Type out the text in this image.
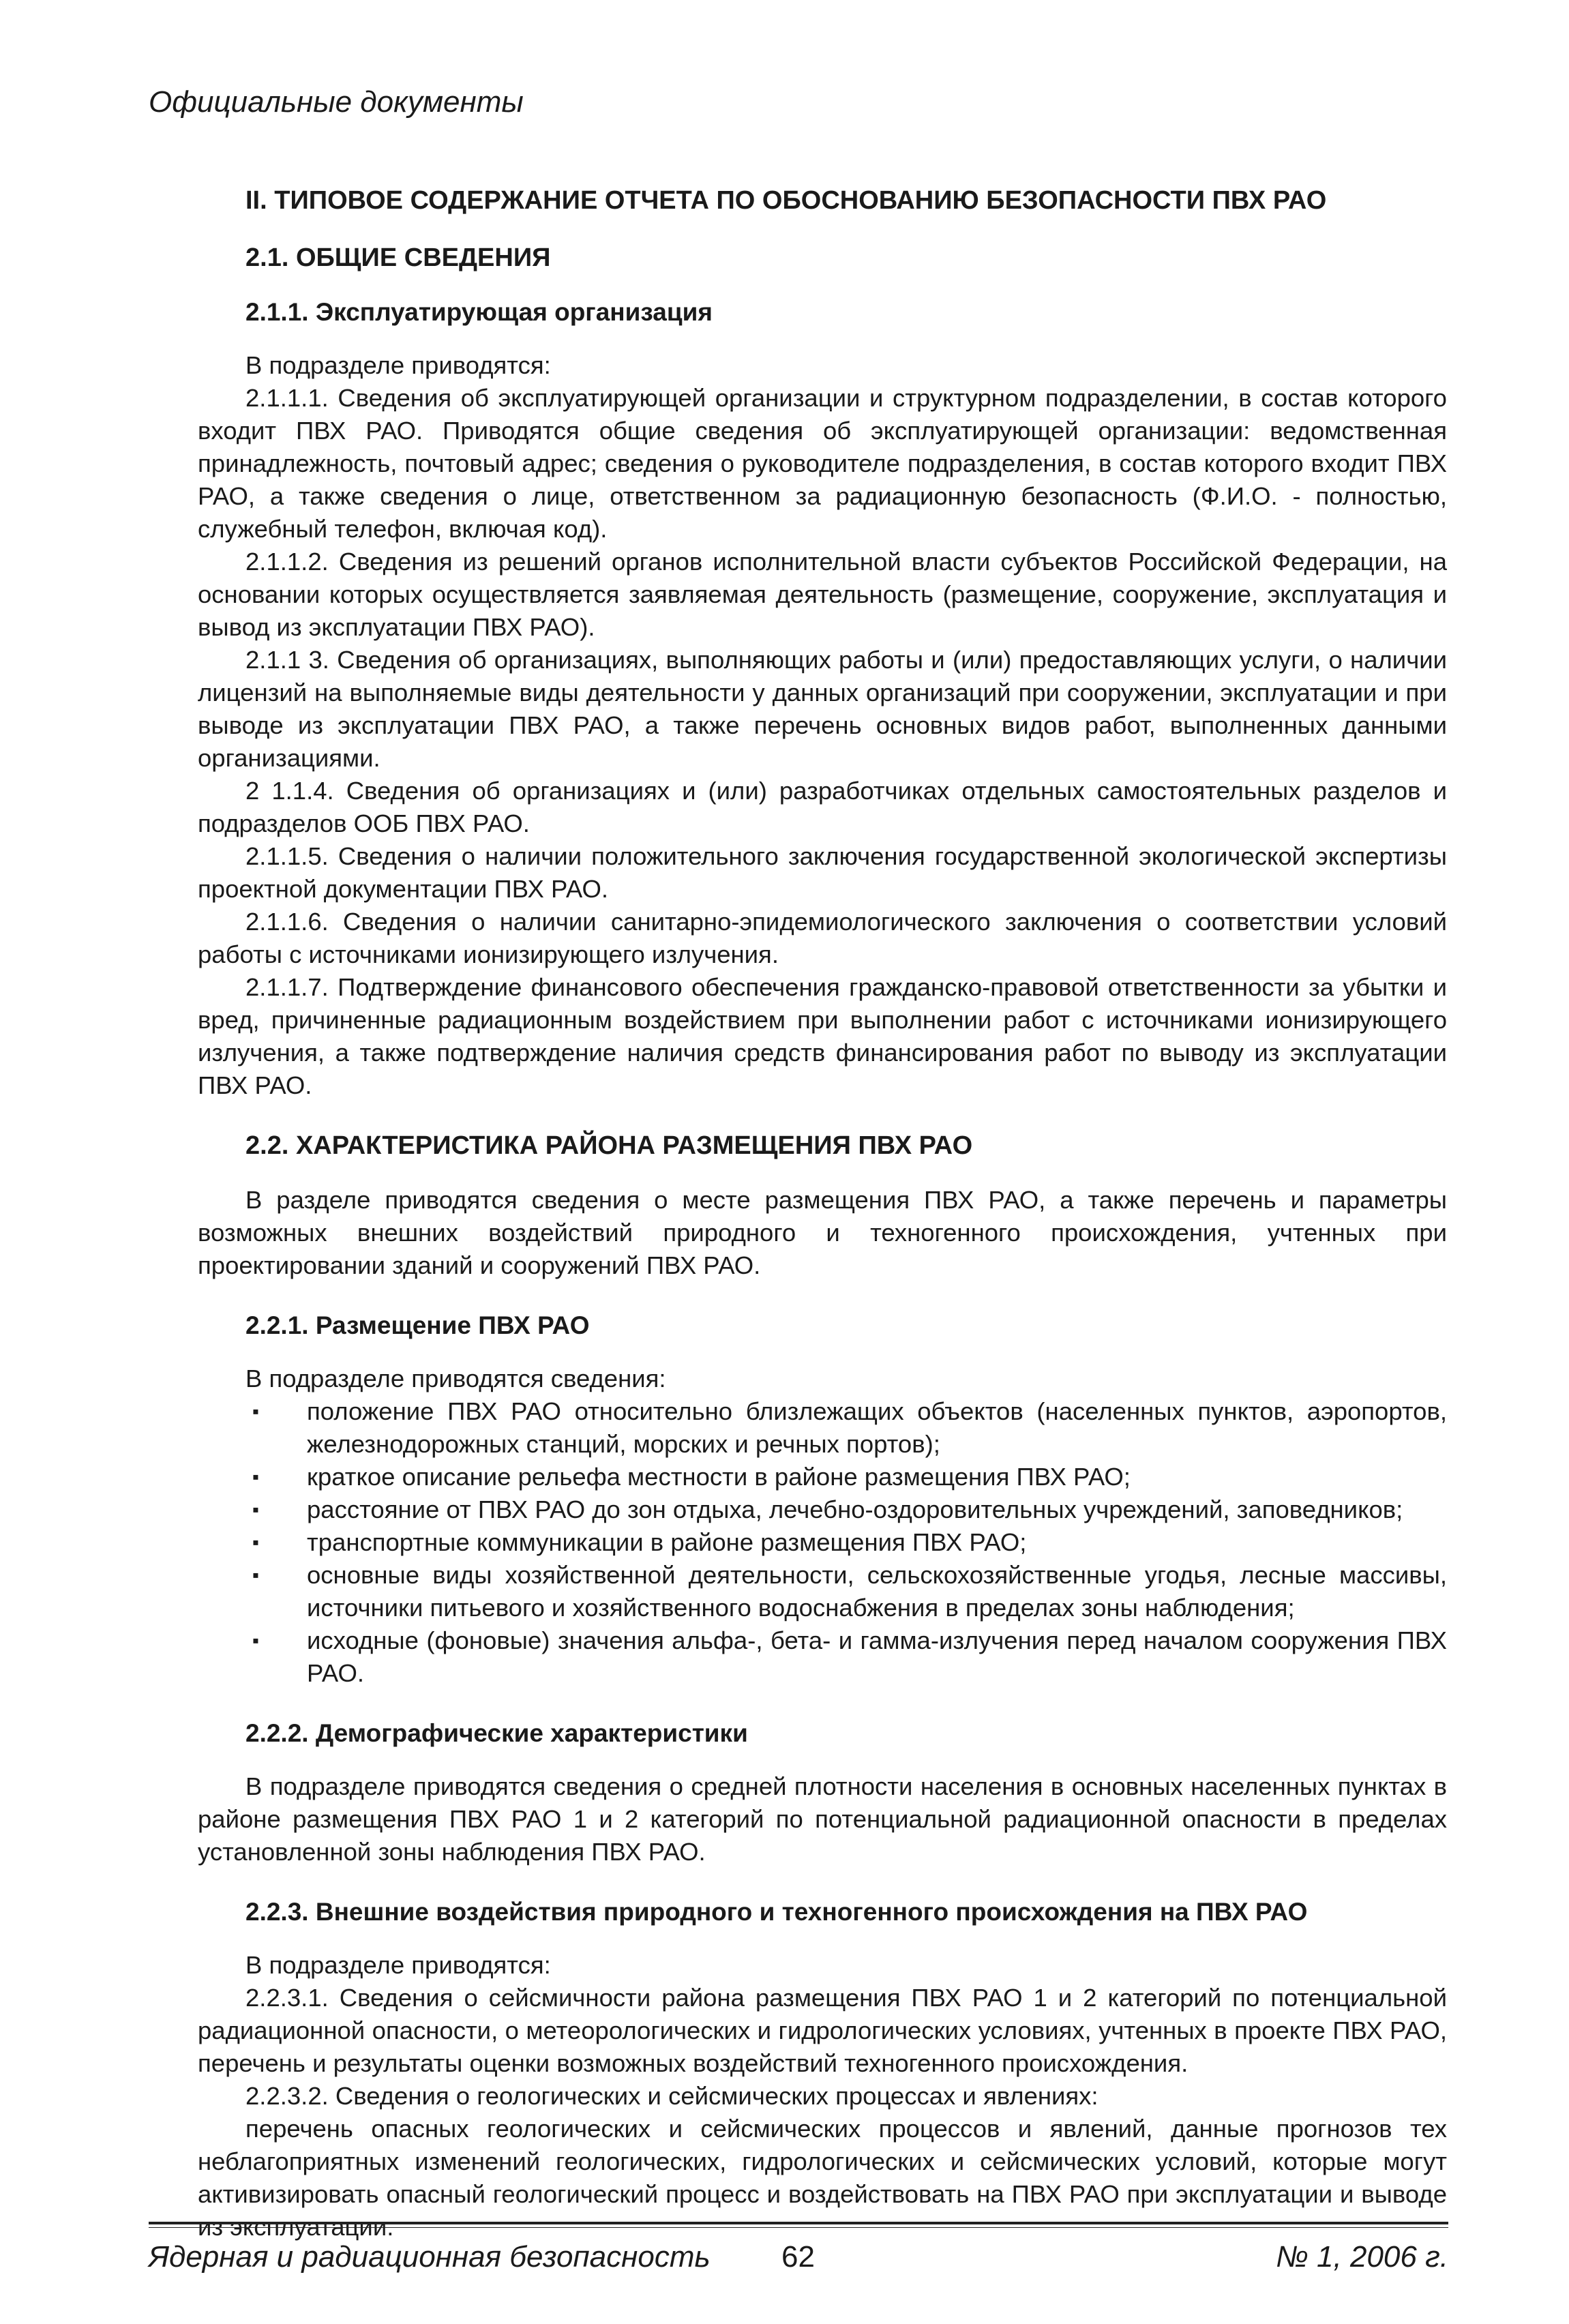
Официальные документы
II. ТИПОВОЕ СОДЕРЖАНИЕ ОТЧЕТА ПО ОБОСНОВАНИЮ БЕЗОПАСНОСТИ ПВХ РАО
2.1. ОБЩИЕ СВЕДЕНИЯ
2.1.1. Эксплуатирующая организация
В подразделе приводятся:

2.1.1.1. Сведения об эксплуатирующей организации и структурном подразделении, в состав которого входит ПВХ РАО. Приводятся общие сведения об эксплуатирующей организации: ведомственная принадлежность, почтовый адрес; сведения о руководителе подразделения, в состав которого входит ПВХ РАО, а также сведения о лице, ответственном за радиационную безопасность (Ф.И.О. - полностью, служебный телефон, включая код).

2.1.1.2. Сведения из решений органов исполнительной власти субъектов Российской Федерации, на основании которых осуществляется заявляемая деятельность (размещение, сооружение, эксплуатация и вывод из эксплуатации ПВХ РАО).

2.1.1 3. Сведения об организациях, выполняющих работы и (или) предоставляющих услуги, о наличии лицензий на выполняемые виды деятельности у данных организаций при сооружении, эксплуатации и при выводе из эксплуатации ПВХ РАО, а также перечень основных видов работ, выполненных данными организациями.

2 1.1.4. Сведения об организациях и (или) разработчиках отдельных самостоятельных разделов и подразделов ООБ ПВХ РАО.

2.1.1.5. Сведения о наличии положительного заключения государственной экологической экспертизы проектной документации ПВХ РАО.

2.1.1.6. Сведения о наличии санитарно-эпидемиологического заключения о соответствии условий работы с источниками ионизирующего излучения.

2.1.1.7. Подтверждение финансового обеспечения гражданско-правовой ответственности за убытки и вред, причиненные радиационным воздействием при выполнении работ с источниками ионизирующего излучения, а также подтверждение наличия средств финансирования работ по выводу из эксплуатации ПВХ РАО.

2.2. ХАРАКТЕРИСТИКА РАЙОНА РАЗМЕЩЕНИЯ ПВХ РАО

В разделе приводятся сведения о месте размещения ПВХ РАО, а также перечень и параметры возможных внешних воздействий природного и техногенного происхождения, учтенных при проектировании зданий и сооружений ПВХ РАО.

2.2.1. Размещение ПВХ РАО
В подразделе приводятся сведения:
▪ положение ПВХ РАО относительно близлежащих объектов (населенных пунктов, аэропортов, железнодорожных станций, морских и речных портов);
▪ краткое описание рельефа местности в районе размещения ПВХ РАО;
▪ расстояние от ПВХ РАО до зон отдыха, лечебно-оздоровительных учреждений, заповедников;
▪ транспортные коммуникации в районе размещения ПВХ РАО;
▪ основные виды хозяйственной деятельности, сельскохозяйственные угодья, лесные массивы, источники питьевого и хозяйственного водоснабжения в пределах зоны наблюдения;
▪ исходные (фоновые) значения альфа-, бета- и гамма-излучения перед началом сооружения ПВХ РАО.
2.2.2. Демографические характеристики

В подразделе приводятся сведения о средней плотности населения в основных населенных пунктах в районе размещения ПВХ РАО 1 и 2 категорий по потенциальной радиационной опасности в пределах установленной зоны наблюдения ПВХ РАО.

2.2.3. Внешние воздействия природного и техногенного происхождения на ПВХ РАО
В подразделе приводятся:

2.2.3.1. Сведения о сейсмичности района размещения ПВХ РАО 1 и 2 категорий по потенциальной радиационной опасности, о метеорологических и гидрологических условиях, учтенных в проекте ПВХ РАО, перечень и результаты оценки возможных воздействий техногенного происхождения.

2.2.3.2. Сведения о геологических и сейсмических процессах и явлениях:

перечень опасных геологических и сейсмических процессов и явлений, данные прогнозов тех неблагоприятных изменений геологических, гидрологических и сейсмических условий, которые могут активизировать опасный геологический процесс и воздействовать на ПВХ РАО при эксплуатации и выводе из эксплуатации.

Ядерная и радиационная безопасность 62	№ 1, 2006 г.
